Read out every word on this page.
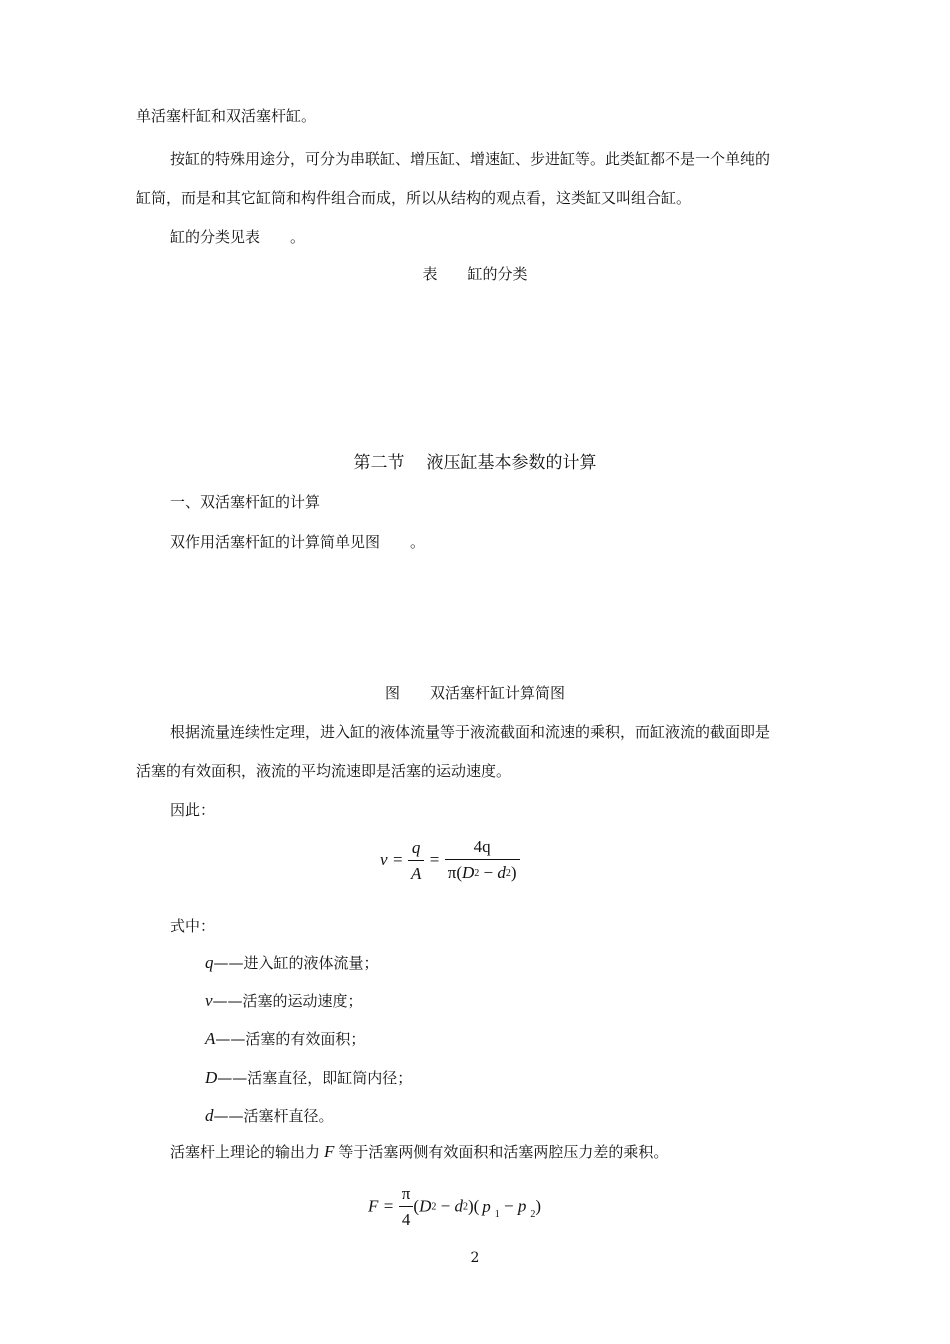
单活塞杆缸和双活塞杆缸。
按缸的特殊用途分，可分为串联缸、增压缸、增速缸、步进缸等。此类缸都不是一个单纯的
缸筒，而是和其它缸筒和构件组合而成，所以从结构的观点看，这类缸又叫组合缸。
缸的分类见表 。
表 缸的分类
第二节 液压缸基本参数的计算
一、双活塞杆缸的计算
双作用活塞杆缸的计算简单见图 。
图 双活塞杆缸计算简图
根据流量连续性定理，进入缸的液体流量等于液流截面和流速的乘积，而缸液流的截面即是
活塞的有效面积，液流的平均流速即是活塞的运动速度。
因此：
$v = \frac{q}{A} = \frac{4q}{\pi(D^2 - d^2)}$
式中：
q——进入缸的液体流量；
v——活塞的运动速度；
A——活塞的有效面积；
D——活塞直径，即缸筒内径；
d——活塞杆直径。
活塞杆上理论的输出力 F 等于活塞两侧有效面积和活塞两腔压力差的乘积。
$F = \frac{\pi}{4} (D^2 - d^2)$( p $_1$ − p $_2$)
2
